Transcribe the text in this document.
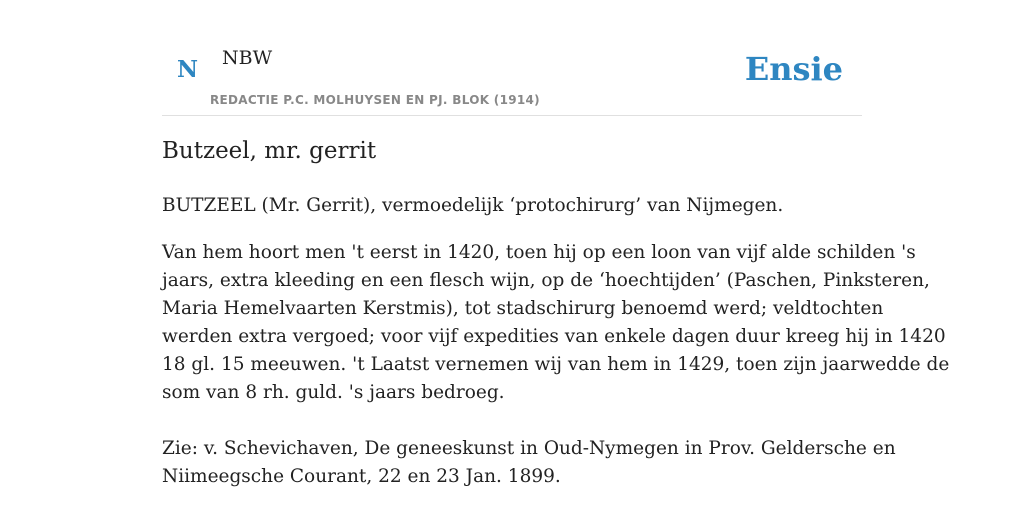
N NBW
REDACTIE P.C. MOLHUYSEN EN PJ. BLOK (1914)
Ensie
Butzeel, mr. gerrit

BUTZEEL (Mr. Gerrit), vermoedelijk ‘protochirurg’ van Nijmegen.

Van hem hoort men 't eerst in 1420, toen hij op een loon van vijf alde schilden 's
jaars, extra kleeding en een flesch wijn, op de ‘hoechtijden’ (Paschen, Pinksteren,
Maria Hemelvaarten Kerstmis), tot stadschirurg benoemd werd; veldtochten
werden extra vergoed; voor vijf expedities van enkele dagen duur kreeg hij in 1420
18 gl. 15 meeuwen. 't Laatst vernemen wij van hem in 1429, toen zijn jaarwedde de
som van 8 rh. guld. 's jaars bedroeg.

Zie: v. Schevichaven, De geneeskunst in Oud-Nymegen in Prov. Geldersche en
Niimeegsche Courant, 22 en 23 Jan. 1899.
